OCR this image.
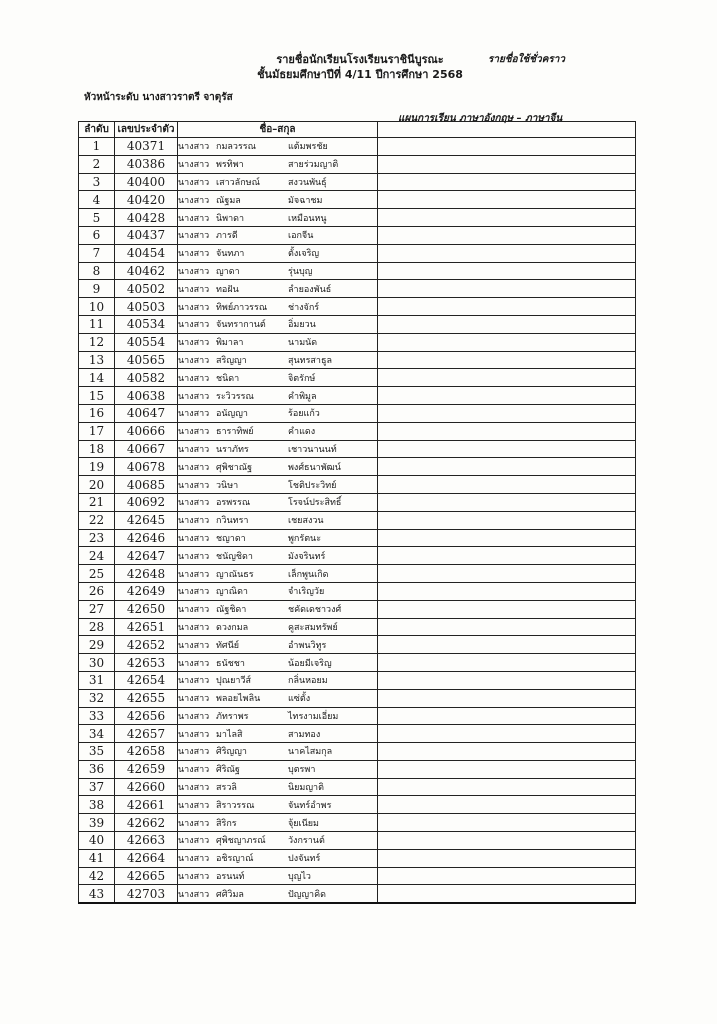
รายชื่อนักเรียนโรงเรียนราชินีบูรณะ
ชั้นมัธยมศึกษาปีที่ 4/11 ปีการศึกษา 2568
รายชื่อใช้ชั่วคราว
หัวหน้าระดับ นางสาวราตรี จาตุรัส
แผนการเรียน ภาษาอังกฤษ – ภาษาจีน
ลำดับ	เลขประจำตัว	ชื่อ–สกุล	
1	40371	นางสาว กมลวรรณ แต้มพรชัย	
2	40386	นางสาว พรทิพา สายร่วมญาติ	
3	40400	นางสาว เสาวลักษณ์ สงวนพันธุ์	
4	40420	นางสาว ณัฐมล มัจฉาชม	
5	40428	นางสาว นิพาดา เหมือนหนู	
6	40437	นางสาว ภารดี เอกจีน	
7	40454	นางสาว จันทภา ตั้งเจริญ	
8	40462	นางสาว ญาดา รุ่นบุญ	
9	40502	นางสาว ทอฝัน ลำยองพันธ์	
10	40503	นางสาว ทิพย์ภาวรรณ ช่างจักร์	
11	40534	นางสาว จันทรากานต์ อิ่มยวน	
12	40554	นางสาว พิมาลา นามนัด	
13	40565	นางสาว สริญญา สุนทรสาธูล	
14	40582	นางสาว ชนิดา จิตรักษ์	
15	40638	นางสาว ระวิวรรณ คำพิมูล	
16	40647	นางสาว อนัญญา ร้อยแก้ว	
17	40666	นางสาว ธาราทิพย์ คำแดง	
18	40667	นางสาว นราภัทร เชาวนานนท์	
19	40678	นางสาว ศุพิชาณัฐ พงศ์ธนาพัฒน์	
20	40685	นางสาว วนิษา โชติประวิทย์	
21	40692	นางสาว อรพรรณ โรจน์ประสิทธิ์	
22	42645	นางสาว กวินทรา เชยสงวน	
23	42646	นางสาว ชญาดา พูกรัตนะ	
24	42647	นางสาว ชนัญชิดา มังจรินทร์	
25	42648	นางสาว ญาณันธร เล็กพูนเกิด	
26	42649	นางสาว ญาณิดา จำเริญวัย	
27	42650	นางสาว ณัฐชิดา ชคัดเดชาวงศ์	
28	42651	นางสาว ดวงกมล คูสะสมทรัพย์	
29	42652	นางสาว ทัศนีย์ อำพนวิทูร	
30	42653	นางสาว ธนัชชา น้อยมีเจริญ	
31	42654	นางสาว ปุณยาวีส์ กลิ่นหอยม	
32	42655	นางสาว พลอยไพลิน แซ่ตั้ง	
33	42656	นางสาว ภัทราพร ไทรงามเอี่ยม	
34	42657	นางสาว มาไลสิ สามทอง	
35	42658	นางสาว ศิริญญา นาคไสมกุล	
36	42659	นางสาว ศิริณัฐ บุตรพา	
37	42660	นางสาว สรวลิ นิยมญาติ	
38	42661	นางสาว สิราวรรณ จันทร์อำพร	
39	42662	นางสาว สิริกร จุ้ยเนียม	
40	42663	นางสาว ศุพิชญาภรณ์ วังกรานต์	
41	42664	นางสาว อชิรญาณ์ ปงจันทร์	
42	42665	นางสาว อรนนท์ บุญไว	
43	42703	นางสาว ศศิวิมล ปัญญาคิด	
